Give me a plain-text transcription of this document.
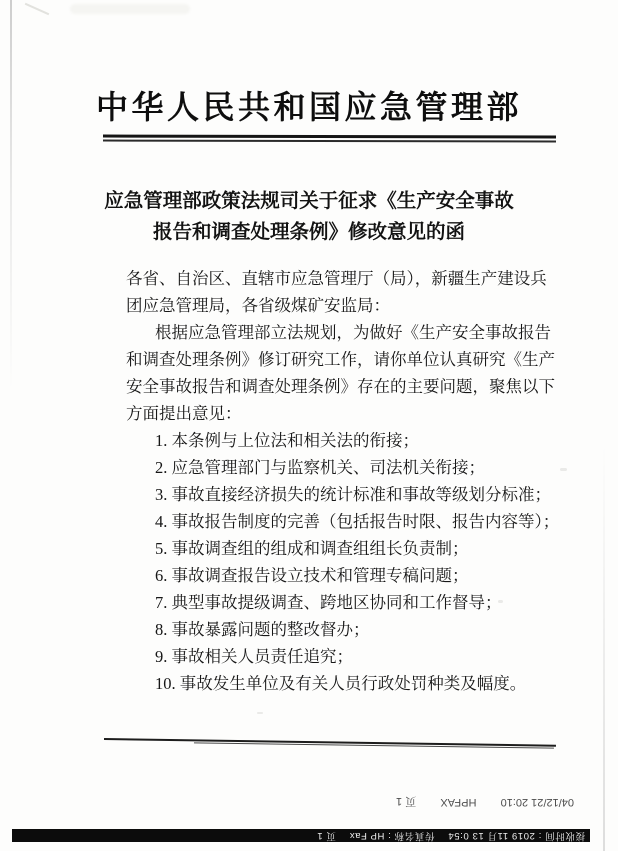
中华人民共和国应急管理部
应急管理部政策法规司关于征求《生产安全事故
报告和调查处理条例》修改意见的函
各省、自治区、直辖市应急管理厅（局），新疆生产建设兵
团应急管理局，各省级煤矿安监局：
根据应急管理部立法规划，为做好《生产安全事故报告
和调查处理条例》修订研究工作，请你单位认真研究《生产
安全事故报告和调查处理条例》存在的主要问题，聚焦以下
方面提出意见：
1. 本条例与上位法和相关法的衔接；
2. 应急管理部门与监察机关、司法机关衔接；
3. 事故直接经济损失的统计标准和事故等级划分标准；
4. 事故报告制度的完善（包括报告时限、报告内容等）；
5. 事故调查组的组成和调查组组长负责制；
6. 事故调查报告设立技术和管理专稿问题；
7. 典型事故提级调查、跨地区协同和工作督导；
8. 事故暴露问题的整改督办；
9. 事故相关人员责任追究；
10. 事故发生单位及有关人员行政处罚种类及幅度。
04/12/21 20:10
HPFAX
页 1
接收时间 : 2019 11月 13 0:54　 传真名称 : HP Fax　 页 1
